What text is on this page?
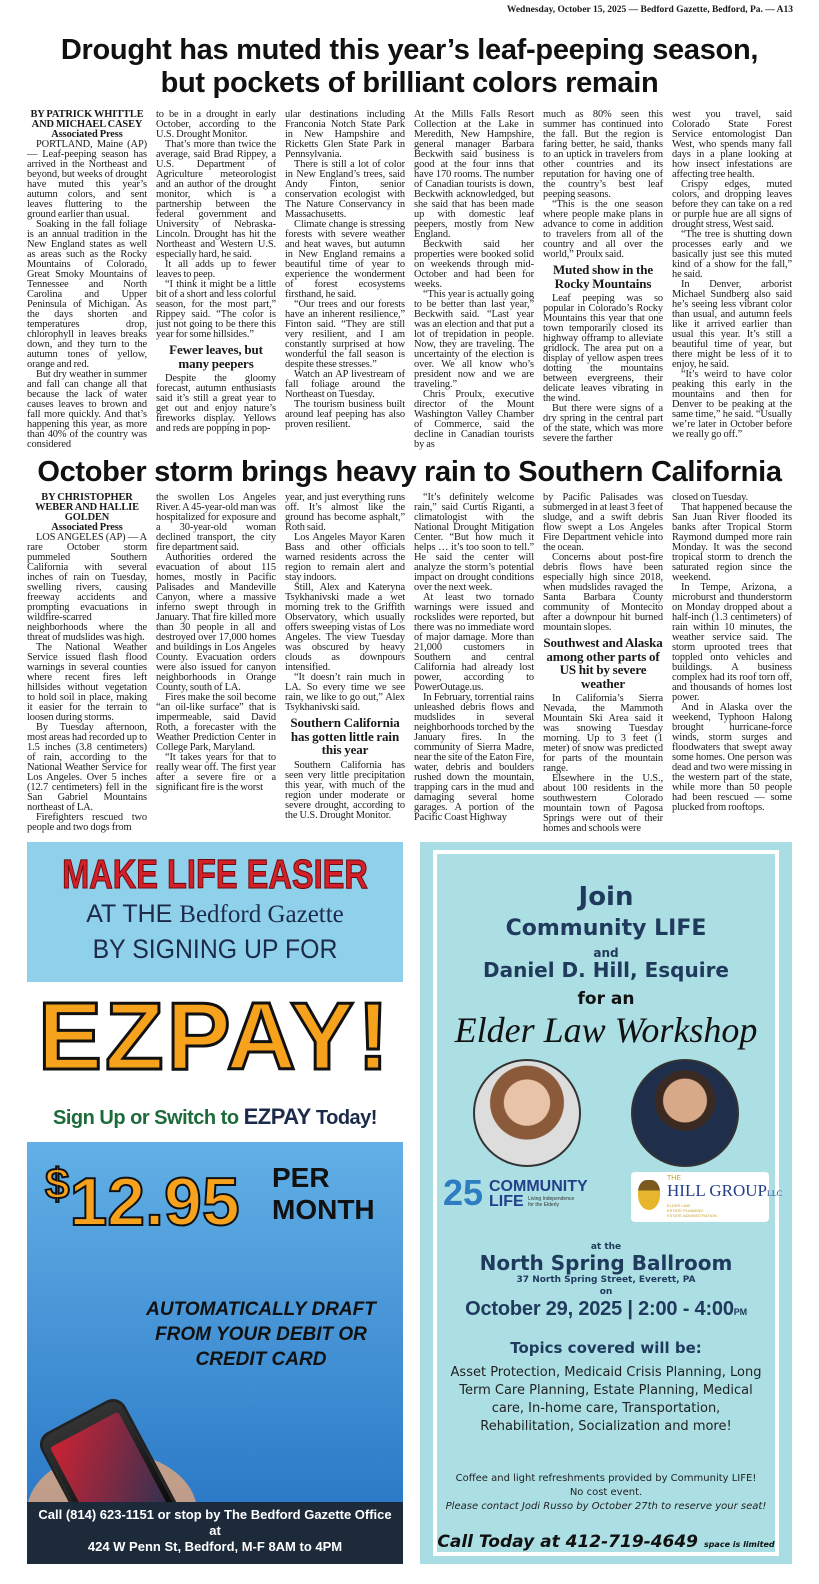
Wednesday, October 15, 2025 — Bedford Gazette, Bedford, Pa. — A13
Drought has muted this year’s leaf-peeping season,
but pockets of brilliant colors remain

BY PATRICK WHITTLE AND MICHAEL CASEY

Associated Press

PORTLAND, Maine (AP) — Leaf-peeping season has arrived in the Northeast and beyond, but weeks of drought have muted this year’s autumn colors, and sent leaves fluttering to the ground earlier than usual.

Soaking in the fall foliage is an annual tradition in the New England states as well as areas such as the Rocky Mountains of Colorado, Great Smoky Mountains of Tennessee and North Carolina and Upper Peninsula of Michigan. As the days shorten and temperatures drop, chlorophyll in leaves breaks down, and they turn to the autumn tones of yellow, orange and red.

But dry weather in summer and fall can change all that because the lack of water causes leaves to brown and fall more quickly. And that’s happening this year, as more than 40% of the country was considered

to be in a drought in early October, according to the U.S. Drought Monitor.

That’s more than twice the average, said Brad Rippey, a U.S. Department of Agriculture meteorologist and an author of the drought monitor, which is a partnership between the federal government and University of Nebraska-Lincoln. Drought has hit the Northeast and Western U.S. especially hard, he said.

It all adds up to fewer leaves to peep.

“I think it might be a little bit of a short and less colorful season, for the most part,” Rippey said. “The color is just not going to be there this year for some hillsides.”

Fewer leaves, but many peepers

Despite the gloomy forecast, autumn enthusiasts said it’s still a great year to get out and enjoy nature’s fireworks display. Yellows and reds are popping in pop-

ular destinations including Franconia Notch State Park in New Hampshire and Ricketts Glen State Park in Pennsylvania.

There is still a lot of color in New England’s trees, said Andy Finton, senior conservation ecologist with The Nature Conservancy in Massachusetts.

Climate change is stressing forests with severe weather and heat waves, but autumn in New England remains a beautiful time of year to experience the wonderment of forest ecosystems firsthand, he said.

“Our trees and our forests have an inherent resilience,” Finton said. “They are still very resilient, and I am constantly surprised at how wonderful the fall season is despite these stresses.”

Watch an AP livestream of fall foliage around the Northeast on Tuesday.

The tourism business built around leaf peeping has also proven resilient.

At the Mills Falls Resort Collection at the Lake in Meredith, New Hampshire, general manager Barbara Beckwith said business is good at the four inns that have 170 rooms. The number of Canadian tourists is down, Beckwith acknowledged, but she said that has been made up with domestic leaf peepers, mostly from New England.

Beckwith said her properties were booked solid on weekends through mid-October and had been for weeks.

“This year is actually going to be better than last year,” Beckwith said. “Last year was an election and that put a lot of trepidation in people. Now, they are traveling. The uncertainty of the election is over. We all know who’s president now and we are traveling.”

Chris Proulx, executive director of the Mount Washington Valley Chamber of Commerce, said the decline in Canadian tourists by as

much as 80% seen this summer has continued into the fall. But the region is faring better, he said, thanks to an uptick in travelers from other countries and its reputation for having one of the country’s best leaf peeping seasons.

“This is the one season where people make plans in advance to come in addition to travelers from all of the country and all over the world,” Proulx said.

Muted show in the Rocky Mountains

Leaf peeping was so popular in Colorado’s Rocky Mountains this year that one town temporarily closed its highway offramp to alleviate gridlock. The area put on a display of yellow aspen trees dotting the mountains between evergreens, their delicate leaves vibrating in the wind.

But there were signs of a dry spring in the central part of the state, which was more severe the farther

west you travel, said Colorado State Forest Service entomologist Dan West, who spends many fall days in a plane looking at how insect infestations are affecting tree health.

Crispy edges, muted colors, and dropping leaves before they can take on a red or purple hue are all signs of drought stress, West said.

“The tree is shutting down processes early and we basically just see this muted kind of a show for the fall,” he said.

In Denver, arborist Michael Sundberg also said he’s seeing less vibrant color than usual, and autumn feels like it arrived earlier than usual this year. It’s still a beautiful time of year, but there might be less of it to enjoy, he said.

“It’s weird to have color peaking this early in the mountains and then for Denver to be peaking at the same time,” he said. “Usually we’re later in October before we really go off.”

October storm brings heavy rain to Southern California

BY CHRISTOPHER WEBER AND HALLIE GOLDEN

Associated Press

LOS ANGELES (AP) — A rare October storm pummeled Southern California with several inches of rain on Tuesday, swelling rivers, causing freeway accidents and prompting evacuations in wildfire-scarred neighborhoods where the threat of mudslides was high.

The National Weather Service issued flash flood warnings in several counties where recent fires left hillsides without vegetation to hold soil in place, making it easier for the terrain to loosen during storms.

By Tuesday afternoon, most areas had recorded up to 1.5 inches (3.8 centimeters) of rain, according to the National Weather Service for Los Angeles. Over 5 inches (12.7 centimeters) fell in the San Gabriel Mountains northeast of LA.

Firefighters rescued two people and two dogs from

the swollen Los Angeles River. A 45-year-old man was hospitalized for exposure and a 30-year-old woman declined transport, the city fire department said.

Authorities ordered the evacuation of about 115 homes, mostly in Pacific Palisades and Mandeville Canyon, where a massive inferno swept through in January. That fire killed more than 30 people in all and destroyed over 17,000 homes and buildings in Los Angeles County. Evacuation orders were also issued for canyon neighborhoods in Orange County, south of LA.

Fires make the soil become “an oil-like surface” that is impermeable, said David Roth, a forecaster with the Weather Prediction Center in College Park, Maryland.

“It takes years for that to really wear off. The first year after a severe fire or a significant fire is the worst

year, and just everything runs off. It’s almost like the ground has become asphalt,” Roth said.

Los Angeles Mayor Karen Bass and other officials warned residents across the region to remain alert and stay indoors.

Still, Alex and Kateryna Tsykhanivski made a wet morning trek to the Griffith Observatory, which usually offers sweeping vistas of Los Angeles. The view Tuesday was obscured by heavy clouds as downpours intensified.

“It doesn’t rain much in LA. So every time we see rain, we like to go out,” Alex Tsykhanivski said.

Southern California has gotten little rain this year

Southern California has seen very little precipitation this year, with much of the region under moderate or severe drought, according to the U.S. Drought Monitor.

“It’s definitely welcome rain,” said Curtis Riganti, a climatologist with the National Drought Mitigation Center. “But how much it helps … it’s too soon to tell.” He said the center will analyze the storm’s potential impact on drought conditions over the next week.

At least two tornado warnings were issued and rockslides were reported, but there was no immediate word of major damage. More than 21,000 customers in Southern and central California had already lost power, according to PowerOutage.us.

In February, torrential rains unleashed debris flows and mudslides in several neighborhoods torched by the January fires. In the community of Sierra Madre, near the site of the Eaton Fire, water, debris and boulders rushed down the mountain, trapping cars in the mud and damaging several home garages. A portion of the Pacific Coast Highway

by Pacific Palisades was submerged in at least 3 feet of sludge, and a swift debris flow swept a Los Angeles Fire Department vehicle into the ocean.

Concerns about post-fire debris flows have been especially high since 2018, when mudslides ravaged the Santa Barbara County community of Montecito after a downpour hit burned mountain slopes.

Southwest and Alaska among other parts of US hit by severe weather

In California’s Sierra Nevada, the Mammoth Mountain Ski Area said it was snowing Tuesday morning. Up to 3 feet (1 meter) of snow was predicted for parts of the mountain range.

Elsewhere in the U.S., about 100 residents in the southwestern Colorado mountain town of Pagosa Springs were out of their homes and schools were

closed on Tuesday.

That happened because the San Juan River flooded its banks after Tropical Storm Raymond dumped more rain Monday. It was the second tropical storm to drench the saturated region since the weekend.

In Tempe, Arizona, a microburst and thunderstorm on Monday dropped about a half-inch (1.3 centimeters) of rain within 10 minutes, the weather service said. The storm uprooted trees that toppled onto vehicles and buildings. A business complex had its roof torn off, and thousands of homes lost power.

And in Alaska over the weekend, Typhoon Halong brought hurricane-force winds, storm surges and floodwaters that swept away some homes. One person was dead and two were missing in the western part of the state, while more than 50 people had been rescued — some plucked from rooftops.

MAKE LIFE EASIER
AT THE Bedford Gazette
BY SIGNING UP FOR
EZPAY!
Sign Up or Switch to EZPAY Today!
$12.95 PER
MONTH
AUTOMATICALLY DRAFT FROM YOUR DEBIT OR CREDIT CARD
Call (814) 623-1151 or stop by The Bedford Gazette Office at
424 W Penn St, Bedford, M-F 8AM to 4PM
Join
Community LIFE
and
Daniel D. Hill, Esquire
for an
Elder Law Workshop
25 COMMUNITY
LIFE Living Independence for the Elderly
THE
HILL GROUPLLC
ELDER LAW
ESTATE PLANNING
ESTATE ADMINISTRATION
at the
North Spring Ballroom
37 North Spring Street, Everett, PA
on
October 29, 2025 | 2:00 - 4:00PM
Topics covered will be:
Asset Protection, Medicaid Crisis Planning, Long Term Care Planning, Estate Planning, Medical care, In-home care, Transportation, Rehabilitation, Socialization and more!
Coffee and light refreshments provided by Community LIFE!
No cost event.
Please contact Jodi Russo by October 27th to reserve your seat!
Call Today at 412-719-4649 space is limited
